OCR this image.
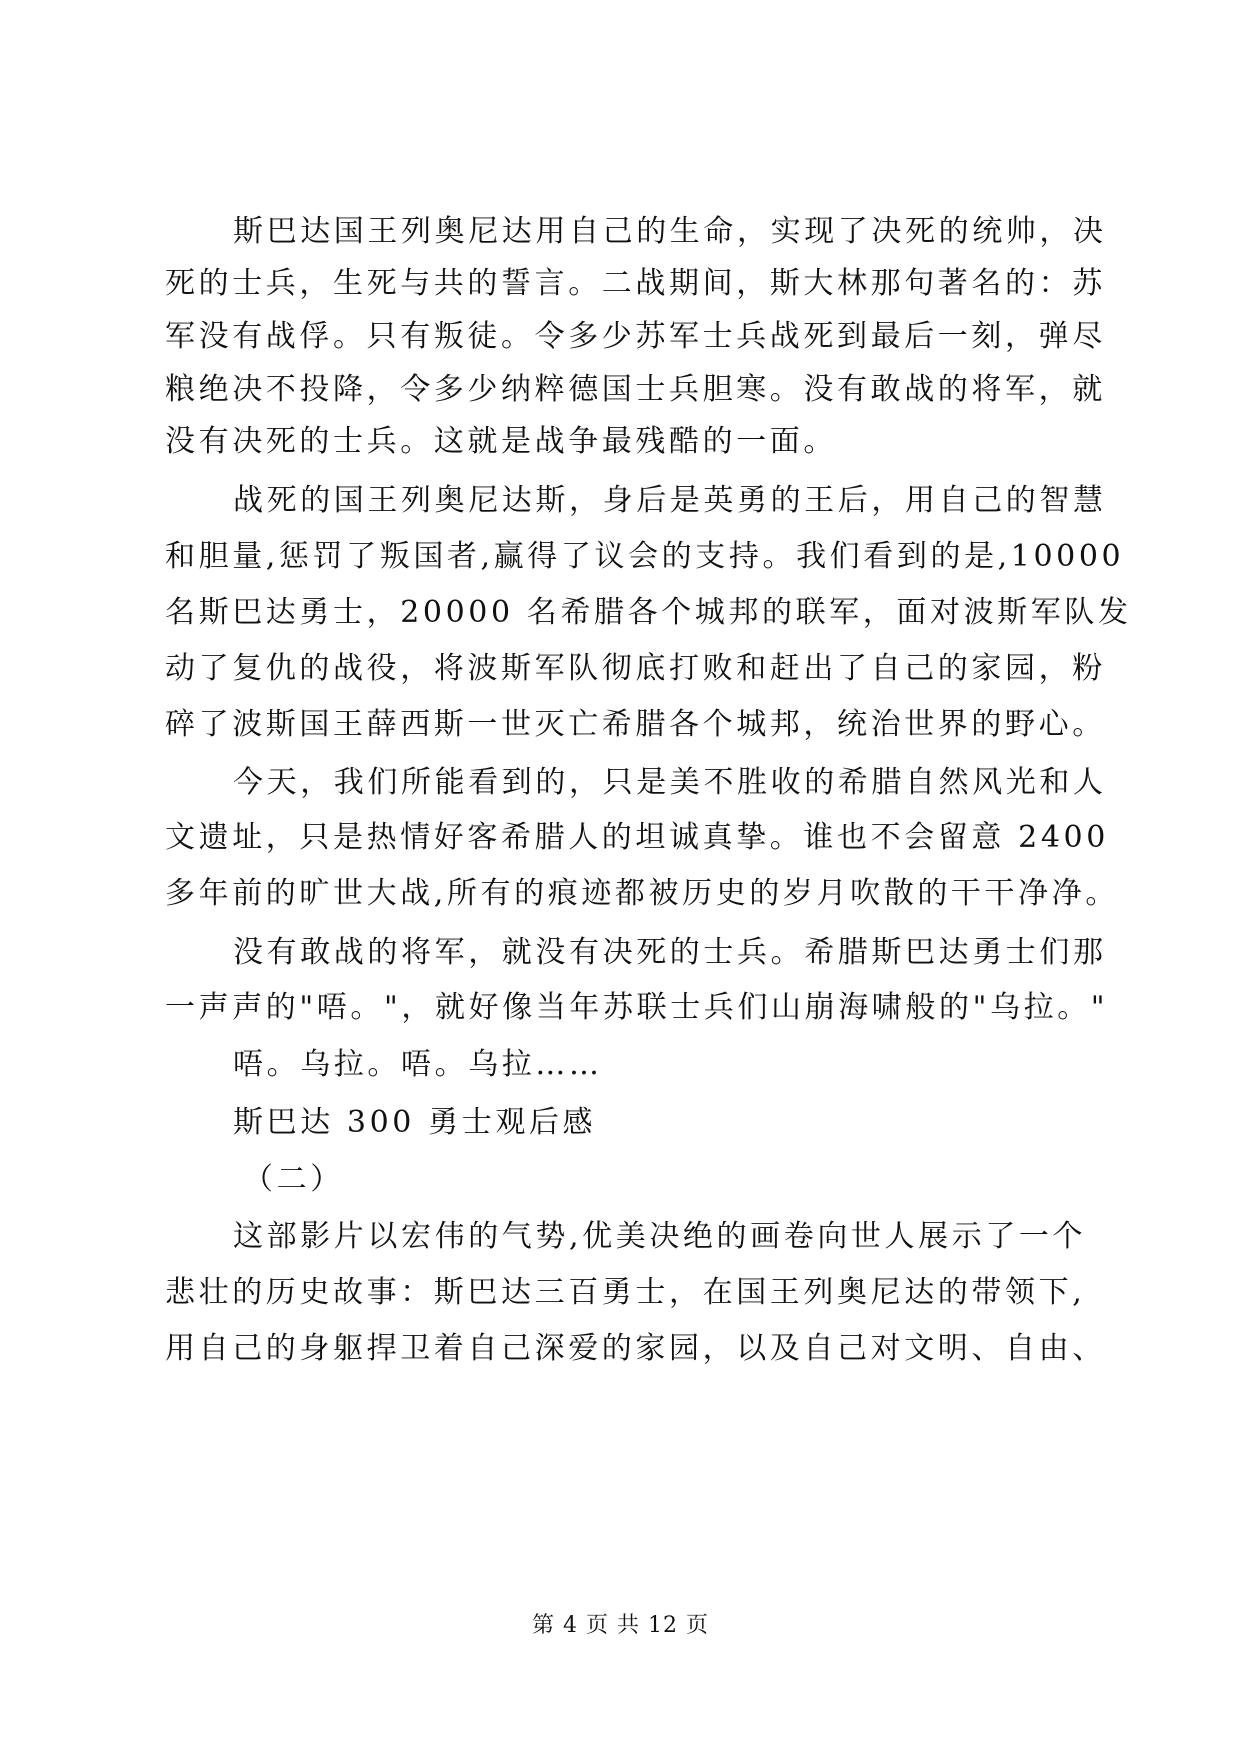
斯巴达国王列奥尼达用自己的生命，实现了决死的统帅，决
死的士兵，生死与共的誓言。二战期间，斯大林那句著名的：苏
军没有战俘。只有叛徒。令多少苏军士兵战死到最后一刻，弹尽
粮绝决不投降，令多少纳粹德国士兵胆寒。没有敢战的将军，就
没有决死的士兵。这就是战争最残酷的一面。
战死的国王列奥尼达斯，身后是英勇的王后，用自己的智慧
和胆量,惩罚了叛国者,赢得了议会的支持。我们看到的是,10000
名斯巴达勇士，20000 名希腊各个城邦的联军，面对波斯军队发
动了复仇的战役，将波斯军队彻底打败和赶出了自己的家园，粉
碎了波斯国王薛西斯一世灭亡希腊各个城邦，统治世界的野心。
今天，我们所能看到的，只是美不胜收的希腊自然风光和人
文遗址，只是热情好客希腊人的坦诚真挚。谁也不会留意 2400
多年前的旷世大战,所有的痕迹都被历史的岁月吹散的干干净净。
没有敢战的将军，就没有决死的士兵。希腊斯巴达勇士们那
一声声的"唔。"，就好像当年苏联士兵们山崩海啸般的"乌拉。"
唔。乌拉。唔。乌拉……
斯巴达 300 勇士观后感
（二）
这部影片以宏伟的气势,优美决绝的画卷向世人展示了一个
悲壮的历史故事：斯巴达三百勇士，在国王列奥尼达的带领下,
用自己的身躯捍卫着自己深爱的家园，以及自己对文明、自由、
第 4 页 共 12 页
